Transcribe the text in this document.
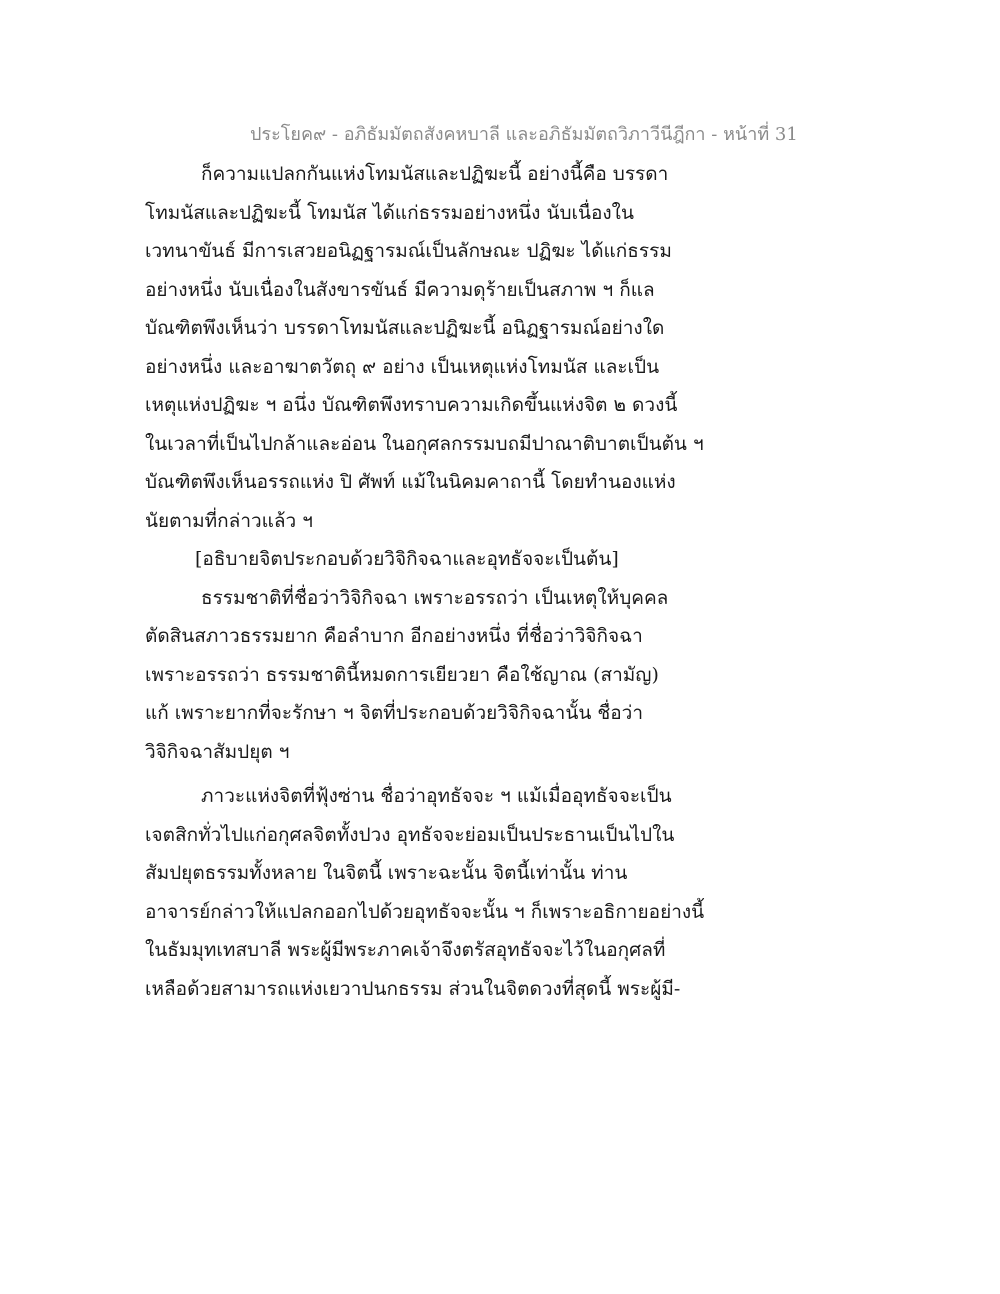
ประโยค๙ - อภิธัมมัตถสังคหบาลี และอภิธัมมัตถวิภาวีนีฎีกา - หน้าที่ 31
ก็ความแปลกกันแห่งโทมนัสและปฏิฆะนี้ อย่างนี้คือ บรรดา
โทมนัสและปฏิฆะนี้ โทมนัส ได้แก่ธรรมอย่างหนึ่ง นับเนื่องใน
เวทนาขันธ์ มีการเสวยอนิฏฐารมณ์เป็นลักษณะ ปฏิฆะ ได้แก่ธรรม
อย่างหนึ่ง นับเนื่องในสังขารขันธ์ มีความดุร้ายเป็นสภาพ ฯ ก็แล
บัณฑิตพึงเห็นว่า บรรดาโทมนัสและปฏิฆะนี้ อนิฏฐารมณ์อย่างใด
อย่างหนึ่ง และอาฆาตวัตถุ ๙ อย่าง เป็นเหตุแห่งโทมนัส และเป็น
เหตุแห่งปฏิฆะ ฯ อนึ่ง บัณฑิตพึงทราบความเกิดขึ้นแห่งจิต ๒ ดวงนี้
ในเวลาที่เป็นไปกล้าและอ่อน ในอกุศลกรรมบถมีปาณาติบาตเป็นต้น ฯ
บัณฑิตพึงเห็นอรรถแห่ง ปิ ศัพท์ แม้ในนิคมคาถานี้ โดยทำนองแห่ง
นัยตามที่กล่าวแล้ว ฯ
[อธิบายจิตประกอบด้วยวิจิกิจฉาและอุทธัจจะเป็นต้น]
ธรรมชาติที่ชื่อว่าวิจิกิจฉา เพราะอรรถว่า เป็นเหตุให้บุคคล
ตัดสินสภาวธรรมยาก คือลำบาก อีกอย่างหนึ่ง ที่ชื่อว่าวิจิกิจฉา
เพราะอรรถว่า ธรรมชาตินี้หมดการเยียวยา คือใช้ญาณ (สามัญ)
แก้ เพราะยากที่จะรักษา ฯ จิตที่ประกอบด้วยวิจิกิจฉานั้น ชื่อว่า
วิจิกิจฉาสัมปยุต ฯ
ภาวะแห่งจิตที่ฟุ้งซ่าน ชื่อว่าอุทธัจจะ ฯ แม้เมื่ออุทธัจจะเป็น
เจตสิกทั่วไปแก่อกุศลจิตทั้งปวง อุทธัจจะย่อมเป็นประธานเป็นไปใน
สัมปยุตธรรมทั้งหลาย ในจิตนี้ เพราะฉะนั้น จิตนี้เท่านั้น ท่าน
อาจารย์กล่าวให้แปลกออกไปด้วยอุทธัจจะนั้น ฯ ก็เพราะอธิกายอย่างนี้
ในธัมมุทเทสบาลี พระผู้มีพระภาคเจ้าจึงตรัสอุทธัจจะไว้ในอกุศลที่
เหลือด้วยสามารถแห่งเยวาปนกธรรม ส่วนในจิตดวงที่สุดนี้ พระผู้มี-
